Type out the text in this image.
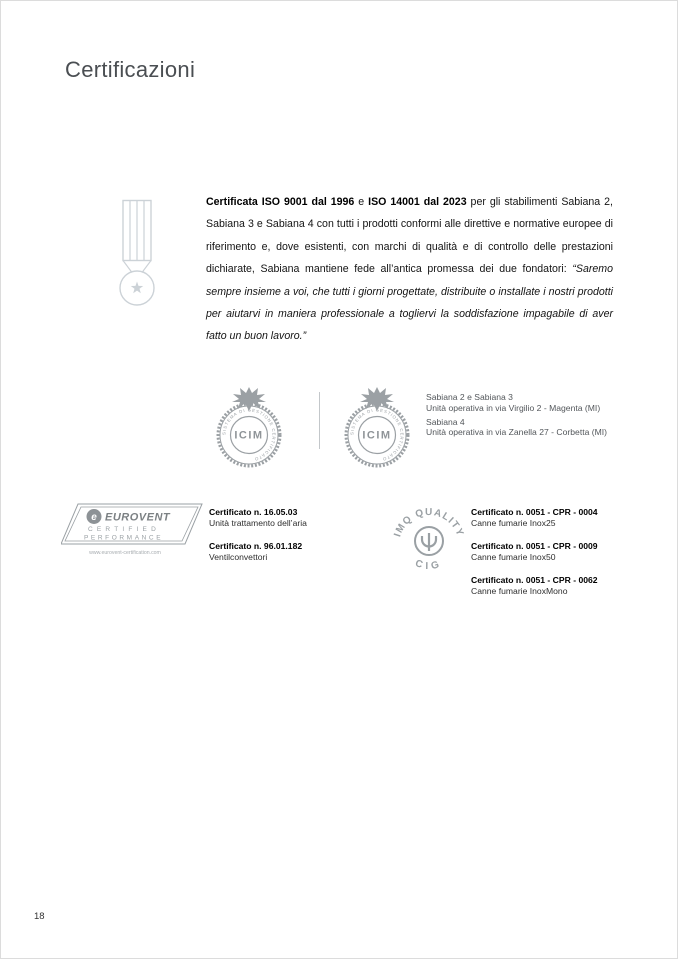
Certificazioni

Certificata ISO 9001 dal 1996 e ISO 14001 dal 2023 per gli stabilimenti Sabiana 2, Sabiana 3 e Sabiana 4 con tutti i prodotti conformi alle direttive e normative europee di riferimento e, dove esistenti, con marchi di qualità e di controllo delle prestazioni dichiarate, Sabiana mantiene fede all’antica promessa dei due fondatori: “Saremo sempre insieme a voi, che tutti i giorni progettate, distribuite o installate i nostri prodotti per aiutarvi in maniera professionale a togliervi la soddisfazione impagabile di aver fatto un buon lavoro.”

SISTEMA DI GESTIONE CERTIFICATO
ICIM	SISTEMA DI GESTIONE CERTIFICATO
ICIM
Sabiana 2 e Sabiana 3
Unità operativa in via Virgilio 2 - Magenta (MI)
Sabiana 4
Unità operativa in via Zanella 27 - Corbetta (MI)
e EUROVENT
CERTIFIED
PERFORMANCE
www.eurovent-certification.com
Certificato n. 16.05.03
Unità trattamento dell’aria
Certificato n. 96.01.182
Ventilconvettori
IMQ QUALITY
CIG
Certificato n. 0051 - CPR - 0004
Canne fumarie Inox25
Certificato n. 0051 - CPR - 0009
Canne fumarie Inox50
Certificato n. 0051 - CPR - 0062
Canne fumarie InoxMono
18
